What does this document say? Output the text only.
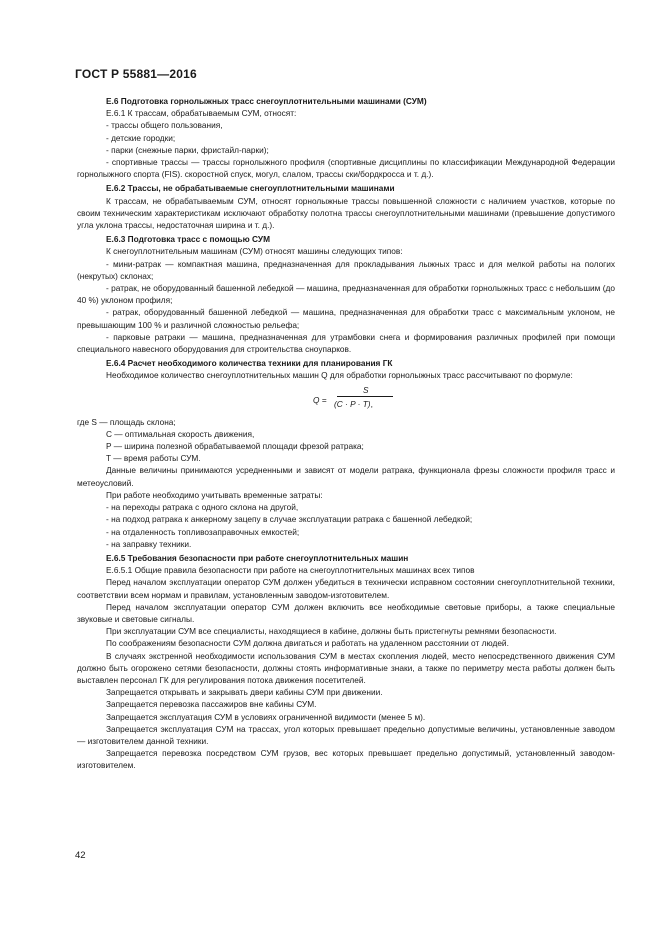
ГОСТ Р 55881—2016

Е.6 Подготовка горнолыжных трасс снегоуплотнительными машинами (СУМ)

Е.6.1 К трассам, обрабатываемым СУМ, относят:

- трассы общего пользования,

- детские городки;

- парки (снежные парки, фристайл-парки);

- спортивные трассы — трассы горнолыжного профиля (спортивные дисциплины по классификации Международной Федерации горнолыжного спорта (FIS). скоростной спуск, могул, слалом, трассы ски/бордкросса и т. д.).

Е.6.2 Трассы, не обрабатываемые снегоуплотнительными машинами

К трассам, не обрабатываемым СУМ, относят горнолыжные трассы повышенной сложности с наличием участков, которые по своим техническим характеристикам исключают обработку полотна трассы снегоуплотнительными машинами (превышение допустимого угла уклона трассы, недостаточная ширина и т. д.).

Е.6.3 Подготовка трасс с помощью СУМ

К снегоуплотнительным машинам (СУМ) относят машины следующих типов:

- мини-ратрак — компактная машина, предназначенная для прокладывания лыжных трасс и для мелкой работы на пологих (некрутых) склонах;

- ратрак, не оборудованный башенной лебедкой — машина, предназначенная для обработки горнолыжных трасс с небольшим (до 40 %) уклоном профиля;

- ратрак, оборудованный башенной лебедкой — машина, предназначенная для обработки трасс с максимальным уклоном, не превышающим 100 % и различной сложностью рельефа;

- парковые ратраки — машина, предназначенная для утрамбовки снега и формирования различных профилей при помощи специального навесного оборудования для строительства сноупарков.

Е.6.4 Расчет необходимого количества техники для планирования ГК

Необходимое количество снегоуплотнительных машин Q для обработки горнолыжных трасс рассчитывают по формуле:

Q =
S
(C · P · T),

где S — площадь склона;

C — оптимальная скорость движения,

P — ширина полезной обрабатываемой площади фрезой ратрака;

T — время работы СУМ.

Данные величины принимаются усредненными и зависят от модели ратрака, функционала фрезы сложности профиля трасс и метеоусловий.

При работе необходимо учитывать временные затраты:

- на переходы ратрака с одного склона на другой,

- на подход ратрака к анкерному зацепу в случае эксплуатации ратрака с башенной лебедкой;

- на отдаленность топливозаправочных емкостей;

- на заправку техники.

Е.6.5 Требования безопасности при работе снегоуплотнительных машин

Е.6.5.1 Общие правила безопасности при работе на снегоуплотнительных машинах всех типов

Перед началом эксплуатации оператор СУМ должен убедиться в технически исправном состоянии снегоуплотнительной техники, соответствии всем нормам и правилам, установленным заводом-изготовителем.

Перед началом эксплуатации оператор СУМ должен включить все необходимые световые приборы, а также специальные звуковые и световые сигналы.

При эксплуатации СУМ все специалисты, находящиеся в кабине, должны быть пристегнуты ремнями безопасности.

По соображениям безопасности СУМ должна двигаться и работать на удаленном расстоянии от людей.

В случаях экстренной необходимости использования СУМ в местах скопления людей, место непосредственного движения СУМ должно быть огорожено сетями безопасности, должны стоять информативные знаки, а также по периметру места работы должен быть выставлен персонал ГК для регулирования потока движения посетителей.

Запрещается открывать и закрывать двери кабины СУМ при движении.

Запрещается перевозка пассажиров вне кабины СУМ.

Запрещается эксплуатация СУМ в условиях ограниченной видимости (менее 5 м).

Запрещается эксплуатация СУМ на трассах, угол которых превышает предельно допустимые величины, установленные заводом — изготовителем данной техники.

Запрещается перевозка посредством СУМ грузов, вес которых превышает предельно допустимый, установленный заводом- изготовителем.

42
